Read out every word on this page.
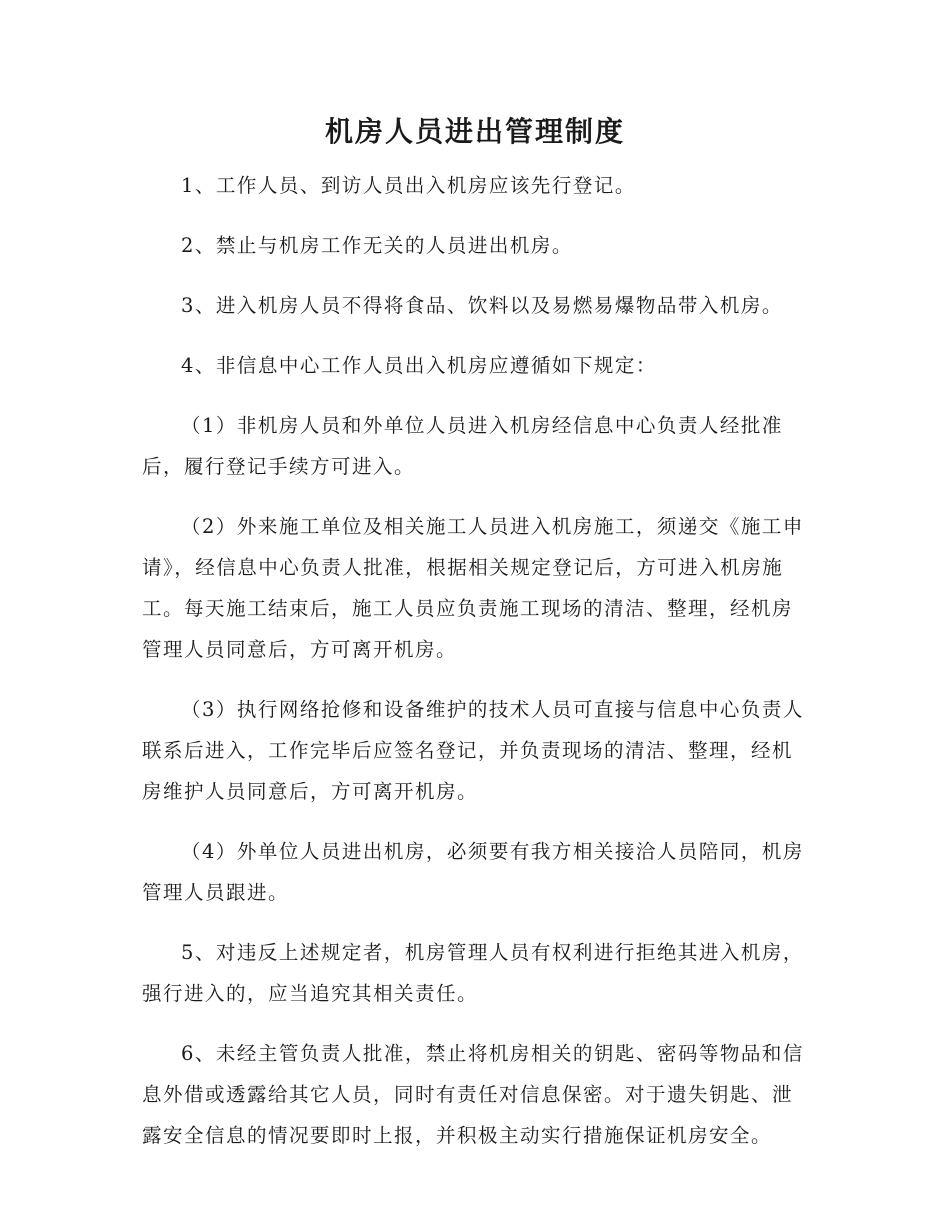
机房人员进出管理制度

1、工作人员、到访人员出入机房应该先行登记。

2、禁止与机房工作无关的人员进出机房。

3、进入机房人员不得将食品、饮料以及易燃易爆物品带入机房。

4、非信息中心工作人员出入机房应遵循如下规定：

（1）非机房人员和外单位人员进入机房经信息中心负责人经批准后，履行登记手续方可进入。

（2）外来施工单位及相关施工人员进入机房施工，须递交《施工申请》，经信息中心负责人批准，根据相关规定登记后，方可进入机房施工。每天施工结束后，施工人员应负责施工现场的清洁、整理，经机房管理人员同意后，方可离开机房。

（3）执行网络抢修和设备维护的技术人员可直接与信息中心负责人联系后进入，工作完毕后应签名登记，并负责现场的清洁、整理，经机房维护人员同意后，方可离开机房。

（4）外单位人员进出机房，必须要有我方相关接洽人员陪同，机房管理人员跟进。

5、对违反上述规定者，机房管理人员有权利进行拒绝其进入机房，强行进入的，应当追究其相关责任。

6、未经主管负责人批准，禁止将机房相关的钥匙、密码等物品和信息外借或透露给其它人员，同时有责任对信息保密。对于遗失钥匙、泄露安全信息的情况要即时上报，并积极主动实行措施保证机房安全。
